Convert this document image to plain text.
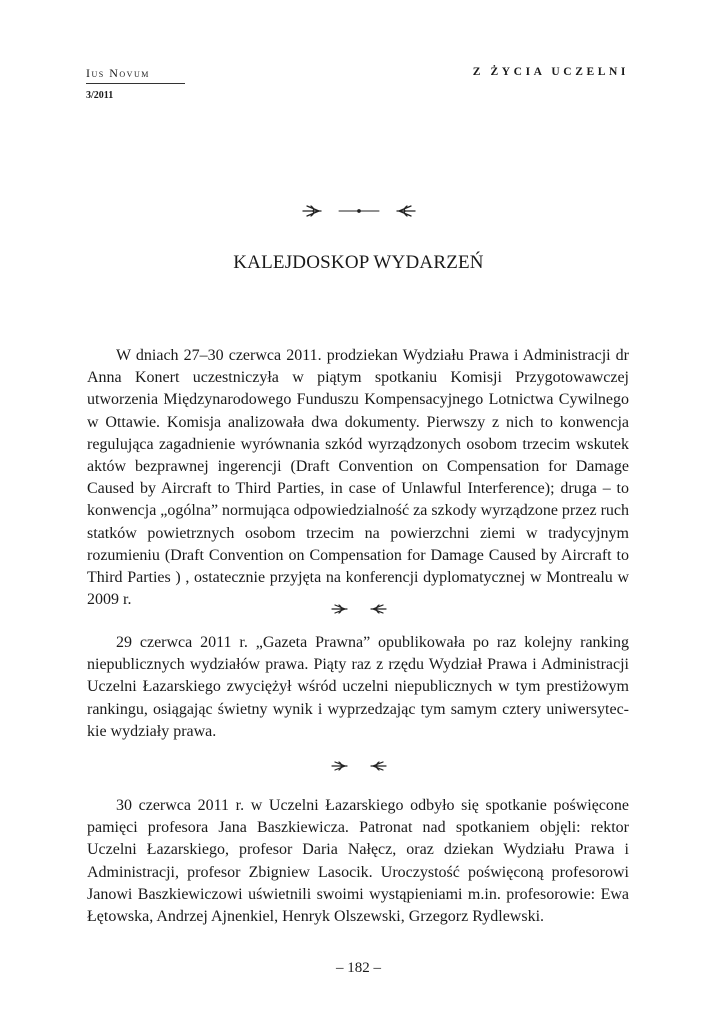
Ius Novum
3/2011
Z ŻYCIA UCZELNI
KALEJDOSKOP WYDARZEŃ

W dniach 27–30 czerwca 2011. prodziekan Wydziału Prawa i Administracji dr Anna Konert uczestniczyła w piątym spotkaniu Komisji Przygotowawczej utworzenia Międzynarodowego Funduszu Kompensacyjnego Lotnictwa Cywilnego w Ottawie. Komisja analizowała dwa dokumenty. Pierwszy z nich to konwencja regulująca zagadnienie wyrównania szkód wyrządzonych osobom trzecim wskutek aktów bezprawnej ingerencji (Draft Convention on Compensation for Damage Caused by Aircraft to Third Parties, in case of Unlawful Interference); druga – to konwencja „ogólna” normująca odpowiedzialność za szkody wyrządzone przez ruch statków powietrznych osobom trzecim na powierzchni ziemi w tradycyjnym rozumieniu (Draft Convention on Compensation for Damage Caused by Aircraft to Third Parties ) , ostatecznie przyjęta na konferencji dyplomatycznej w Montrealu w 2009 r.

29 czerwca 2011 r. „Gazeta Prawna” opublikowała po raz kolejny ranking niepublicznych wydziałów prawa. Piąty raz z rzędu Wydział Prawa i Administracji Uczelni Łazarskiego zwyciężył wśród uczelni niepublicznych w tym prestiżowym rankingu, osiągając świetny wynik i wyprzedzając tym samym cztery uniwersyteckie wydziały prawa.

30 czerwca 2011 r. w Uczelni Łazarskiego odbyło się spotkanie poświęcone pamięci profesora Jana Baszkiewicza. Patronat nad spotkaniem objęli: rektor Uczelni Łazarskiego, profesor Daria Nałęcz, oraz dziekan Wydziału Prawa i Administracji, profesor Zbigniew Lasocik. Uroczystość poświęconą profesorowi Janowi Baszkiewiczowi uświetnili swoimi wystąpieniami m.in. profesorowie: Ewa Łętowska, Andrzej Ajnenkiel, Henryk Olszewski, Grzegorz Rydlewski.

– 182 –
